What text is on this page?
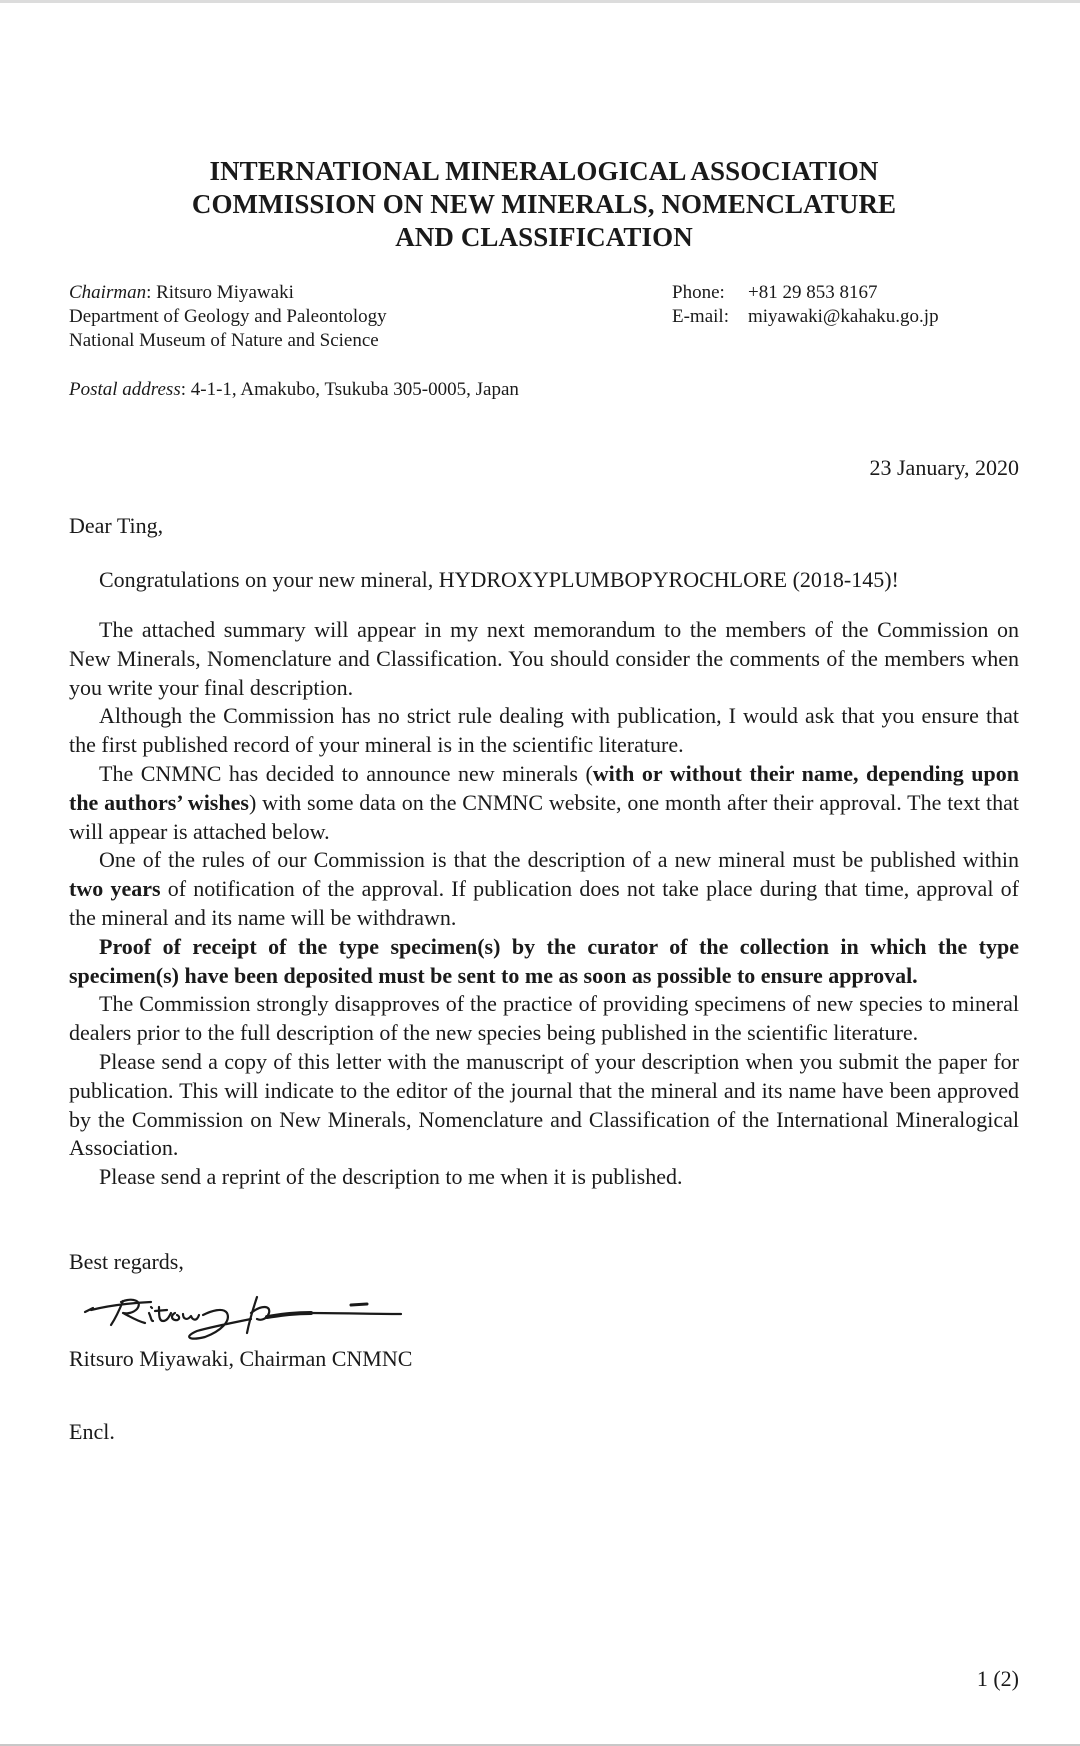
INTERNATIONAL MINERALOGICAL ASSOCIATION
COMMISSION ON NEW MINERALS, NOMENCLATURE
AND CLASSIFICATION
Chairman: Ritsuro Miyawaki
Department of Geology and Paleontology
National Museum of Nature and Science
Phone: +81 29 853 8167
E-mail: miyawaki@kahaku.go.jp
Postal address: 4-1-1, Amakubo, Tsukuba 305-0005, Japan
23 January, 2020
Dear Ting,
Congratulations on your new mineral, HYDROXYPLUMBOPYROCHLORE (2018-145)!

The attached summary will appear in my next memorandum to the members of the Commission on New Minerals, Nomenclature and Classification. You should consider the comments of the members when you write your final description.

Although the Commission has no strict rule dealing with publication, I would ask that you ensure that the first published record of your mineral is in the scientific literature.

The CNMNC has decided to announce new minerals (with or without their name, depending upon the authors’ wishes) with some data on the CNMNC website, one month after their approval. The text that will appear is attached below.

One of the rules of our Commission is that the description of a new mineral must be published within two years of notification of the approval. If publication does not take place during that time, approval of the mineral and its name will be withdrawn.

Proof of receipt of the type specimen(s) by the curator of the collection in which the type specimen(s) have been deposited must be sent to me as soon as possible to ensure approval.

The Commission strongly disapproves of the practice of providing specimens of new species to mineral dealers prior to the full description of the new species being published in the scientific literature.

Please send a copy of this letter with the manuscript of your description when you submit the paper for publication. This will indicate to the editor of the journal that the mineral and its name have been approved by the Commission on New Minerals, Nomenclature and Classification of the International Mineralogical Association.

Please send a reprint of the description to me when it is published.

Best regards,
Ritsuro Miyawaki, Chairman CNMNC
Encl.
1 (2)
